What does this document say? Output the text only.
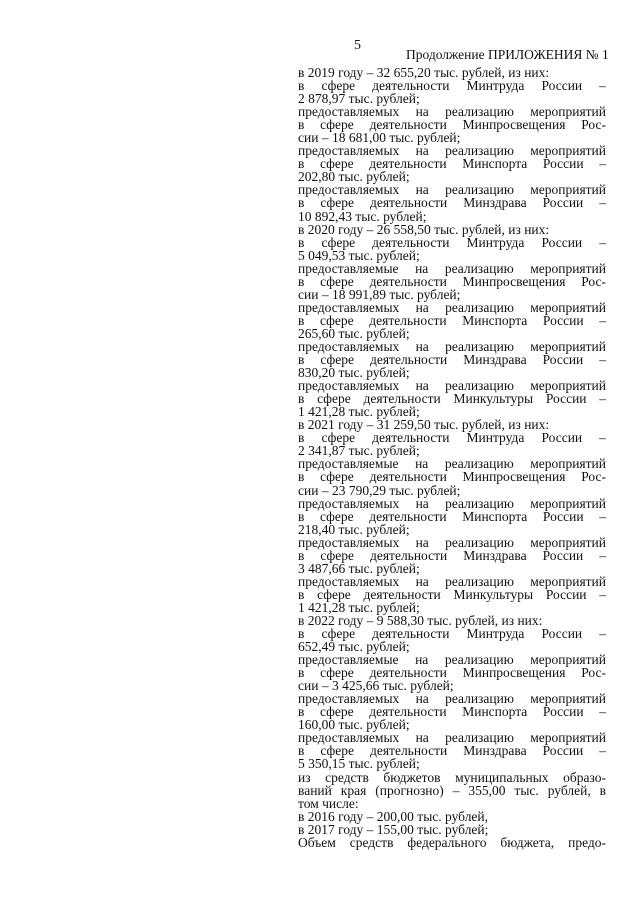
5
Продолжение ПРИЛОЖЕНИЯ № 1
в 2019 году – 32 655,20 тыс. рублей, из них:
в сфере деятельности Минтруда России –
2 878,97 тыс. рублей;
предоставляемых на реализацию мероприятий
в сфере деятельности Минпросвещения Рос-
сии – 18 681,00 тыс. рублей;
предоставляемых на реализацию мероприятий
в сфере деятельности Минспорта России –
202,80 тыс. рублей;
предоставляемых на реализацию мероприятий
в сфере деятельности Минздрава России –
10 892,43 тыс. рублей;
в 2020 году – 26 558,50 тыс. рублей, из них:
в сфере деятельности Минтруда России –
5 049,53 тыс. рублей;
предоставляемые на реализацию мероприятий
в сфере деятельности Минпросвещения Рос-
сии – 18 991,89 тыс. рублей;
предоставляемых на реализацию мероприятий
в сфере деятельности Минспорта России –
265,60 тыс. рублей;
предоставляемых на реализацию мероприятий
в сфере деятельности Минздрава России –
830,20 тыс. рублей;
предоставляемых на реализацию мероприятий
в сфере деятельности Минкультуры России –
1 421,28 тыс. рублей;
в 2021 году – 31 259,50 тыс. рублей, из них:
в сфере деятельности Минтруда России –
2 341,87 тыс. рублей;
предоставляемые на реализацию мероприятий
в сфере деятельности Минпросвещения Рос-
сии – 23 790,29 тыс. рублей;
предоставляемых на реализацию мероприятий
в сфере деятельности Минспорта России –
218,40 тыс. рублей;
предоставляемых на реализацию мероприятий
в сфере деятельности Минздрава России –
3 487,66 тыс. рублей;
предоставляемых на реализацию мероприятий
в сфере деятельности Минкультуры России –
1 421,28 тыс. рублей;
в 2022 году – 9 588,30 тыс. рублей, из них:
в сфере деятельности Минтруда России –
652,49 тыс. рублей;
предоставляемые на реализацию мероприятий
в сфере деятельности Минпросвещения Рос-
сии – 3 425,66 тыс. рублей;
предоставляемых на реализацию мероприятий
в сфере деятельности Минспорта России –
160,00 тыс. рублей;
предоставляемых на реализацию мероприятий
в сфере деятельности Минздрава России –
5 350,15 тыс. рублей;
из средств бюджетов муниципальных образо-
ваний края (прогнозно) – 355,00 тыс. рублей, в
том числе:
в 2016 году – 200,00 тыс. рублей,
в 2017 году – 155,00 тыс. рублей;
Объем средств федерального бюджета, предо-
